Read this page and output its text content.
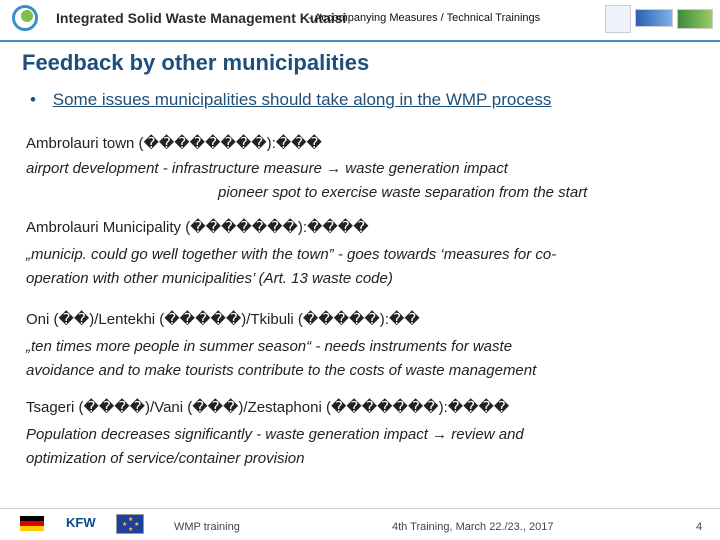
Integrated Solid Waste Management Kutaisi
- Accompanying Measures / Technical Trainings
Feedback by other municipalities
• Some issues municipalities should take along in the WMP process
Ambrolauri town (��������):���
airport development - infrastructure measure → waste generation impact
pioneer spot to exercise waste separation from the start
Ambrolauri Municipality (�������):����
„municip. could go well together with the town” - goes towards ‘measures for co-
operation with other municipalities’ (Art. 13 waste code)
Oni (��)/Lentekhi (�����)/Tkibuli (�����):��
„ten times more people in summer season“ - needs instruments for waste
avoidance and to make tourists contribute to the costs of waste management
Tsageri (����)/Vani (���)/Zestaphoni (�������):����
Population decreases significantly - waste generation impact → review and
optimization of service/container provision
KFW	★
★ ★
★	WMP training	4th Training, March 22./23., 2017	4
